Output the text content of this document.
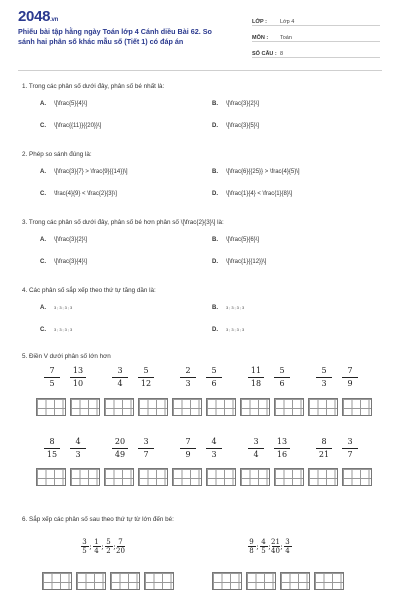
2048.vn
Phiếu bài tập hằng ngày Toán lớp 4 Cánh diều Bài 62. So sánh hai phân số khác mẫu số (Tiết 1) có đáp án
LỚP :	Lớp 4
MÔN :	Toán
SỐ CÂU : 8
1. Trong các phân số dưới đây, phân số bé nhất là:
A. \[\frac{5}{4}\]	B. \[\frac{3}{2}\]
C. \[\frac{{11}}{{20}}\]	D. \[\frac{3}{5}\]
2. Phép so sánh đúng là:
A. \[\frac{3}{7} > \frac{9}{{14}}\]	B. \[\frac{6}{{25}} > \frac{4}{5}\]
C. \frac{4}{9} < \frac{2}{3}\]	D. \[\frac{1}{4} < \frac{1}{8}\]
3. Trong các phân số dưới đây, phân số bé hơn phân số \[\frac{2}{3}\] là:
A. \[\frac{3}{2}\]	B. \[\frac{5}{6}\]
C. \[\frac{3}{4}\]	D. \[\frac{1}{{12}}\]
4. Các phân số sắp xếp theo thứ tự tăng dần là:
A. 3;3;3;3	B. 3;3;3;3
C. 3;3;3;3	D. 3;3;3;3
5. Điền V dưới phân số lớn hơn
7
5
13
10
3
4
5
12
2
3
5
6
11
18
5
6
5
3
7
9
8
15
4
3
20
49
3
7
7
9
4
3
3
4
13
16
8
21
3
7
6. Sắp xếp các phân số sau theo thứ tự từ lớn đến bé:
3
5
;
1
4
;
5
2
;
7
20
9
8
;
4
5
;
21
40
;
3
4
